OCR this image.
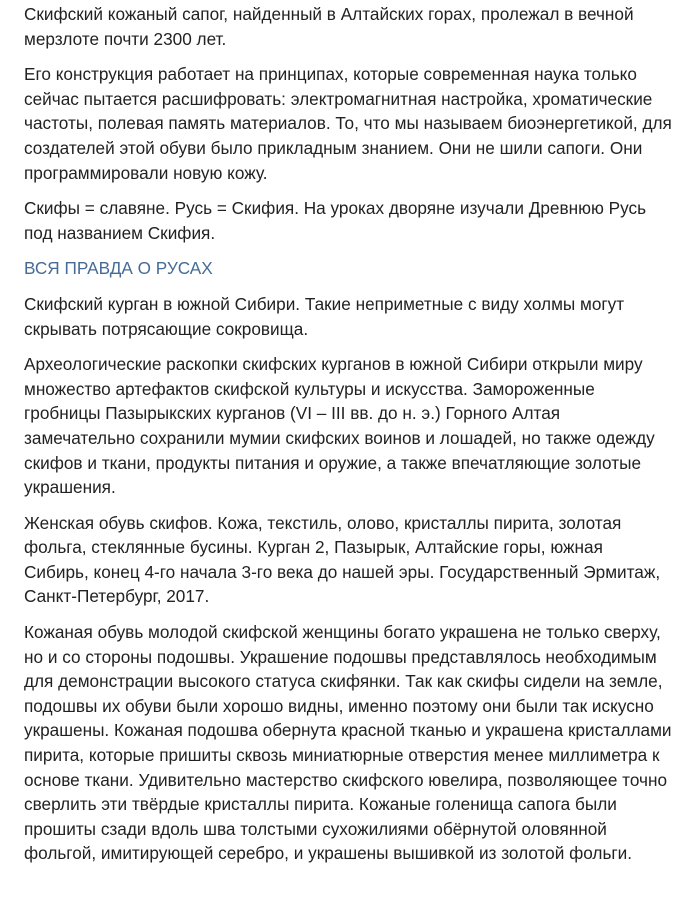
Скифский кожаный сапог, найденный в Алтайских горах, пролежал в вечной мерзлоте почти 2300 лет.

Его конструкция работает на принципах, которые современная наука только сейчас пытается расшифровать: электромагнитная настройка, хроматические частоты, полевая память материалов. То, что мы называем биоэнергетикой, для создателей этой обуви было прикладным знанием. Они не шили сапоги. Они программировали новую кожу.

Скифы = славяне. Русь = Скифия. На уроках дворяне изучали Древнюю Русь под названием Скифия.

ВСЯ ПРАВДА О РУСАХ

Скифский курган в южной Сибири. Такие неприметные с виду холмы могут скрывать потрясающие сокровища.

Археологические раскопки скифских курганов в южной Сибири открыли миру множество артефактов скифской культуры и искусства. Замороженные гробницы Пазырыкских курганов (VI – III вв. до н. э.) Горного Алтая замечательно сохранили мумии скифских воинов и лошадей, но также одежду скифов и ткани, продукты питания и оружие, а также впечатляющие золотые украшения.

Женская обувь скифов. Кожа, текстиль, олово, кристаллы пирита, золотая фольга, стеклянные бусины. Курган 2, Пазырык, Алтайские горы, южная Сибирь, конец 4-го начала 3-го века до нашей эры. Государственный Эрмитаж, Санкт-Петербург, 2017.

Кожаная обувь молодой скифской женщины богато украшена не только сверху, но и со стороны подошвы. Украшение подошвы представлялось необходимым для демонстрации высокого статуса скифянки. Так как скифы сидели на земле, подошвы их обуви были хорошо видны, именно поэтому они были так искусно украшены. Кожаная подошва обернута красной тканью и украшена кристаллами пирита, которые пришиты сквозь миниатюрные отверстия менее миллиметра к основе ткани. Удивительно мастерство скифского ювелира, позволяющее точно сверлить эти твёрдые кристаллы пирита. Кожаные голенища сапога были прошиты сзади вдоль шва толстыми сухожилиями обёрнутой оловянной фольгой, имитирующей серебро, и украшены вышивкой из золотой фольги.
